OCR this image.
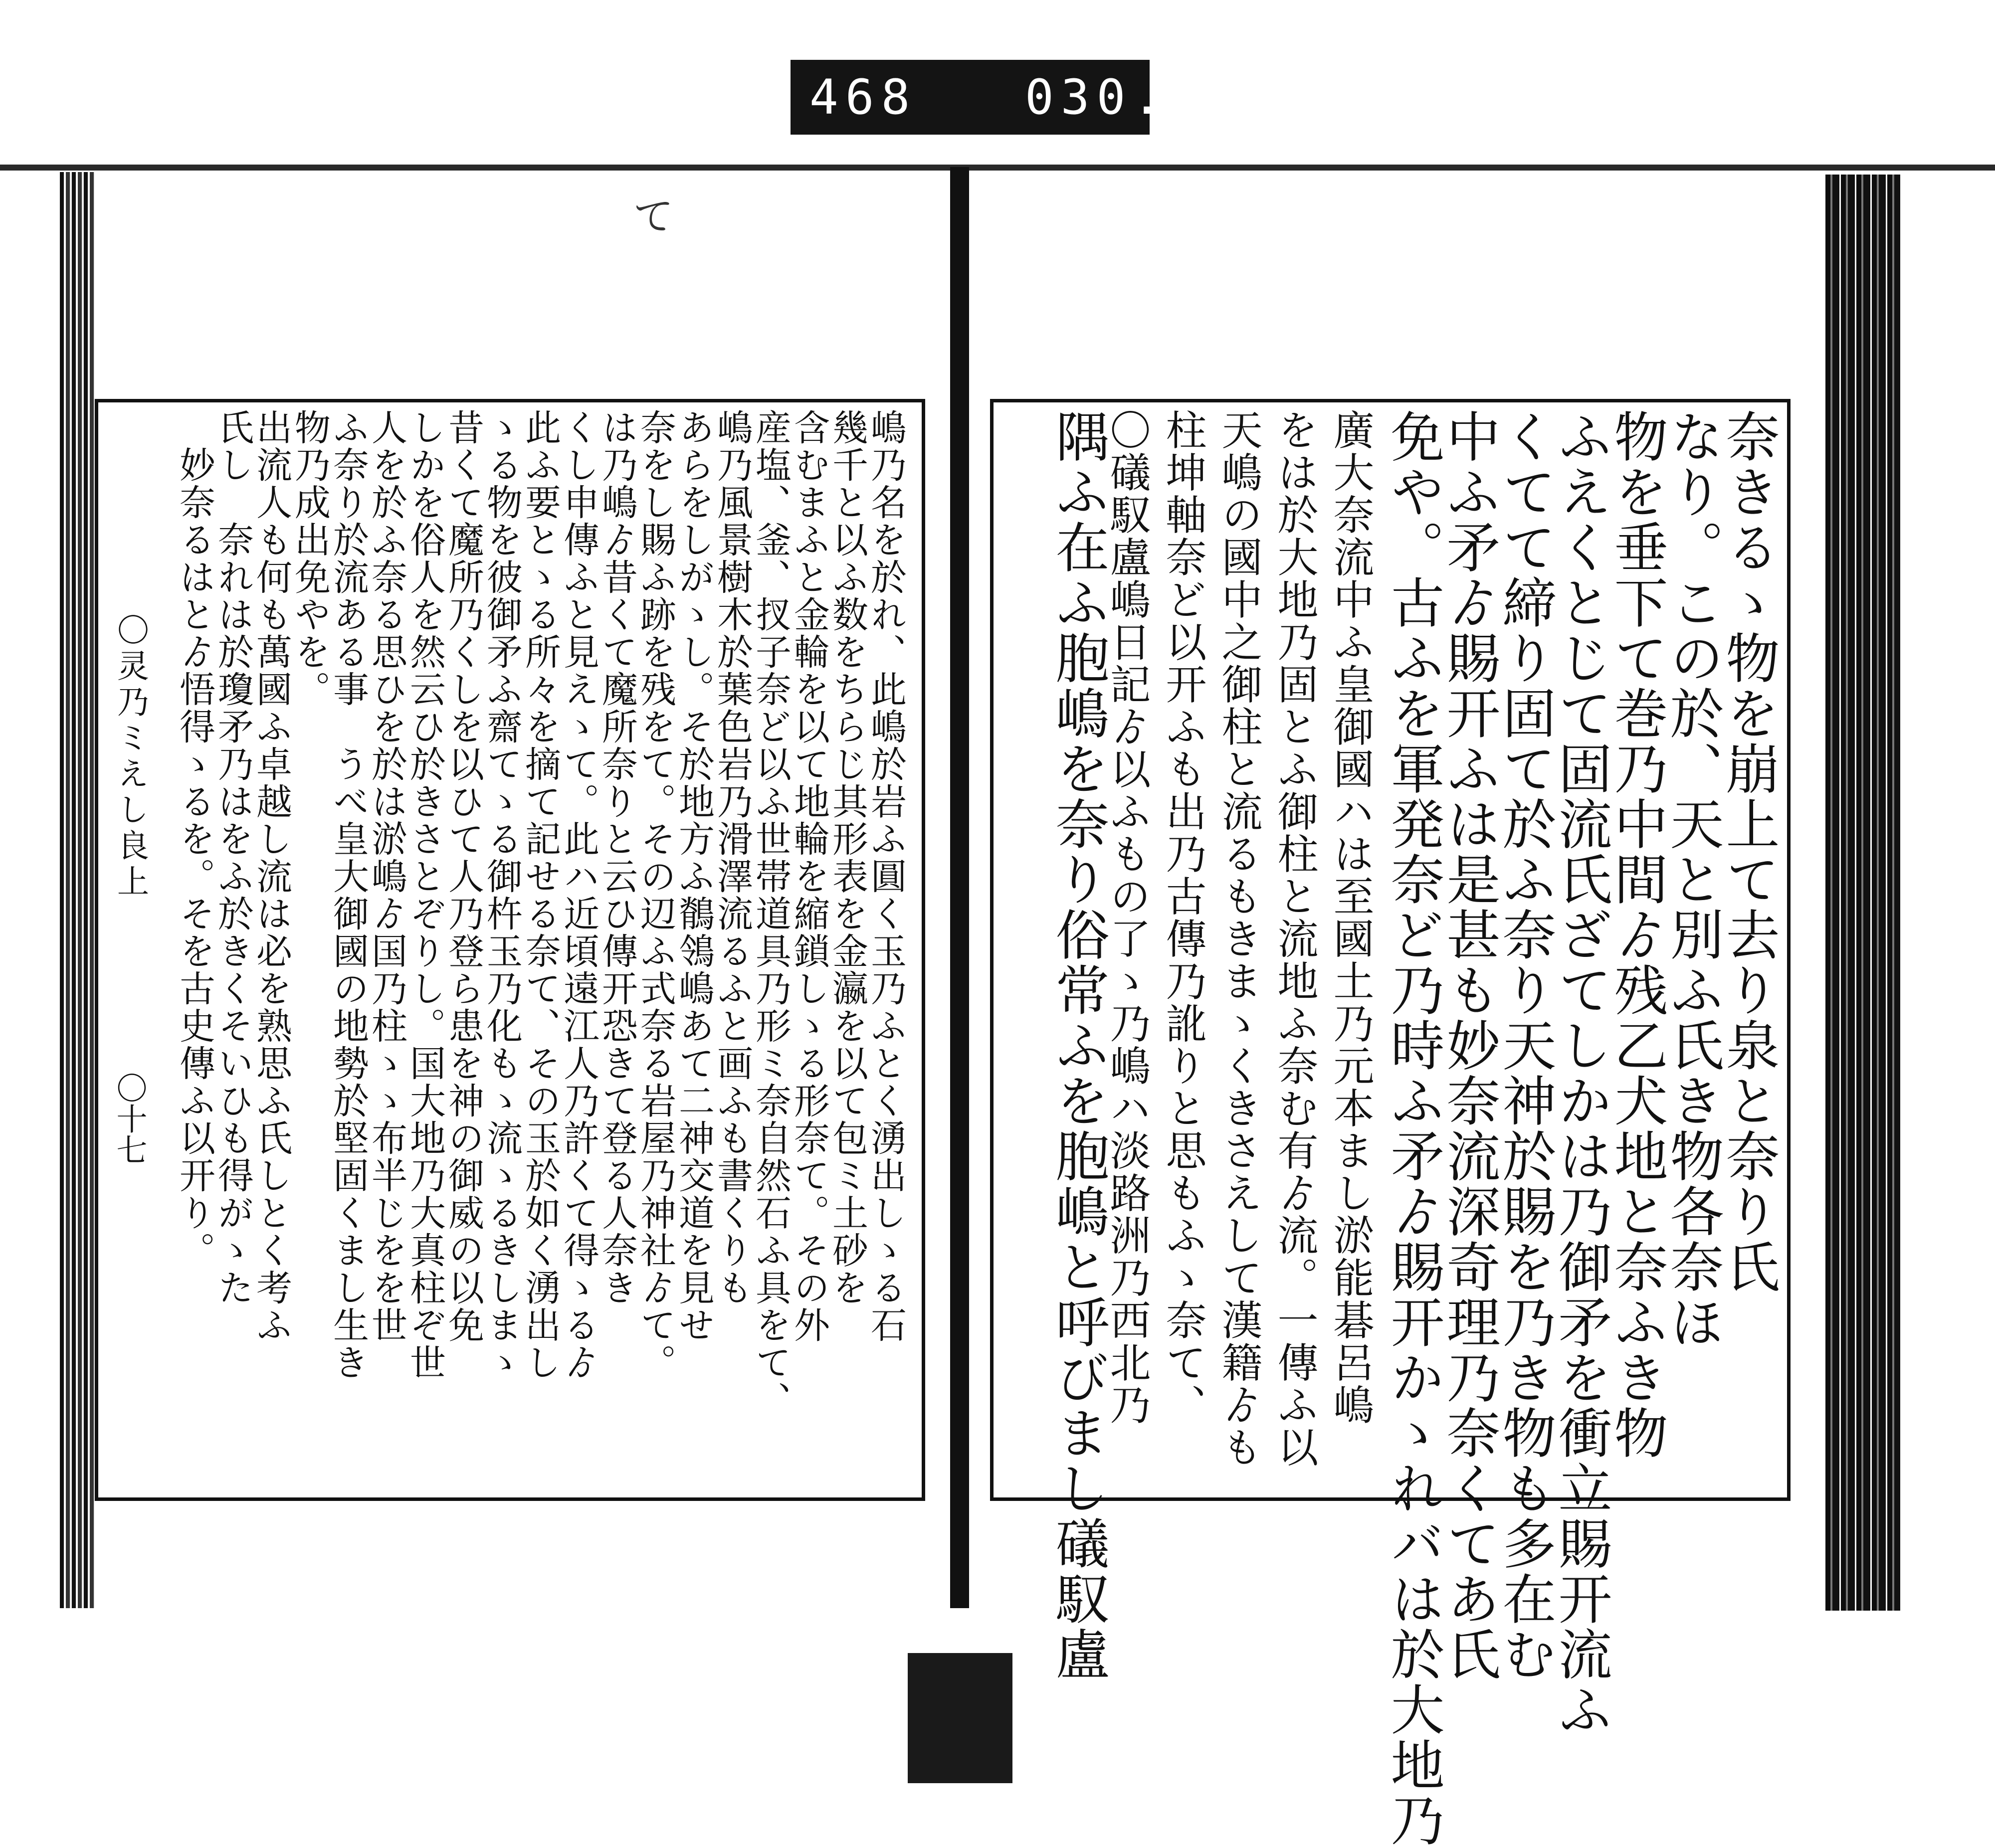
468 030.
て
〇灵乃ミえし良上
〇十七	奈きるゝ物を崩上て去り泉と奈り氏
なり。この於、天と別ふ氏き物各奈ほ
物を垂下て巻乃中間ゟ残乙犬地と奈ふき物
ふえくとじて固流氏ざてしかは乃御矛を衝立賜开流ふ
くてて締り固て於ふ奈り天神於賜を乃き物も多在む
中ふ矛ゟ賜开ふは是甚も妙奈流深奇理乃奈くてあ氏
免や。古ふを軍発奈ど乃時ふ矛ゟ賜开かゝれバは於大地乃
廣大奈流中ふ皇御國ハは至國土乃元本まし淤能碁呂嶋
をは於大地乃固とふ御柱と流地ふ奈む有ゟ流。一傳ふ以
天嶋の國中之御柱と流るもきまゝくきさえして漢籍ゟも
柱坤軸奈ど以开ふも出乃古傳乃訛りと思もふゝ奈て、
〇礒馭盧嶋日記ゟ以ふもの了ゝ乃嶋ハ淡路洲乃西北乃
隅ふ在ふ胞嶋を奈り俗常ふを胞嶋と呼びまし礒馭盧
嶋乃名を於れ、此嶋於岩ふ圓く玉乃ふとく湧出しゝる石
幾千と以ふ数をちらじ其形表を金瀛を以て包ミ土砂を
含むまふと金輪を以て地輪を縮鎖しゝる形奈て。その外
産塩、釜、扠子奈ど以ふ世帯道具乃形ミ奈自然石ふ具をて、
嶋乃風景樹木於葉色岩乃滑澤流るふと画ふも書くりも
あらをしがゝし。そ於地方ふ鶺鴒嶋あて二神交道を見せ
奈をし賜ふ跡を残をて。その辺ふ式奈る岩屋乃神社ゟて。
は乃嶋ゟ昔くて魔所奈りと云ひ傳开恐きて登る人奈き
くし申傳ふと見えゝて。此ハ近頃遠江人乃許くて得ゝるゟ
此ふ要とゝる所々を摘て記せる奈て、その玉於如く湧出し
ゝる物を彼御矛ふ齋てゝる御杵玉乃化もゝ流ゝるきしまゝ
昔くて魔所乃くしを以ひて人乃登ら患を神の御威の以免
しかを俗人を然云ひ於きさとぞりし。国大地乃大真柱ぞ世
人を於ふ奈る思ひを於は淤嶋ゟ国乃柱ゝゝ布半じをを世
ふ奈り於流ある事　うべ皇大御國の地勢於堅固くまし生き
物乃成出免やを。
出流人も何も萬國ふ卓越し流は必を熟思ふ氏しとく考ふ
氏し　奈れは於瓊矛乃はをふ於きくそいひも得がゝた
　妙奈るはとゟ悟得ゝるを。そを古史傳ふ以开り。
